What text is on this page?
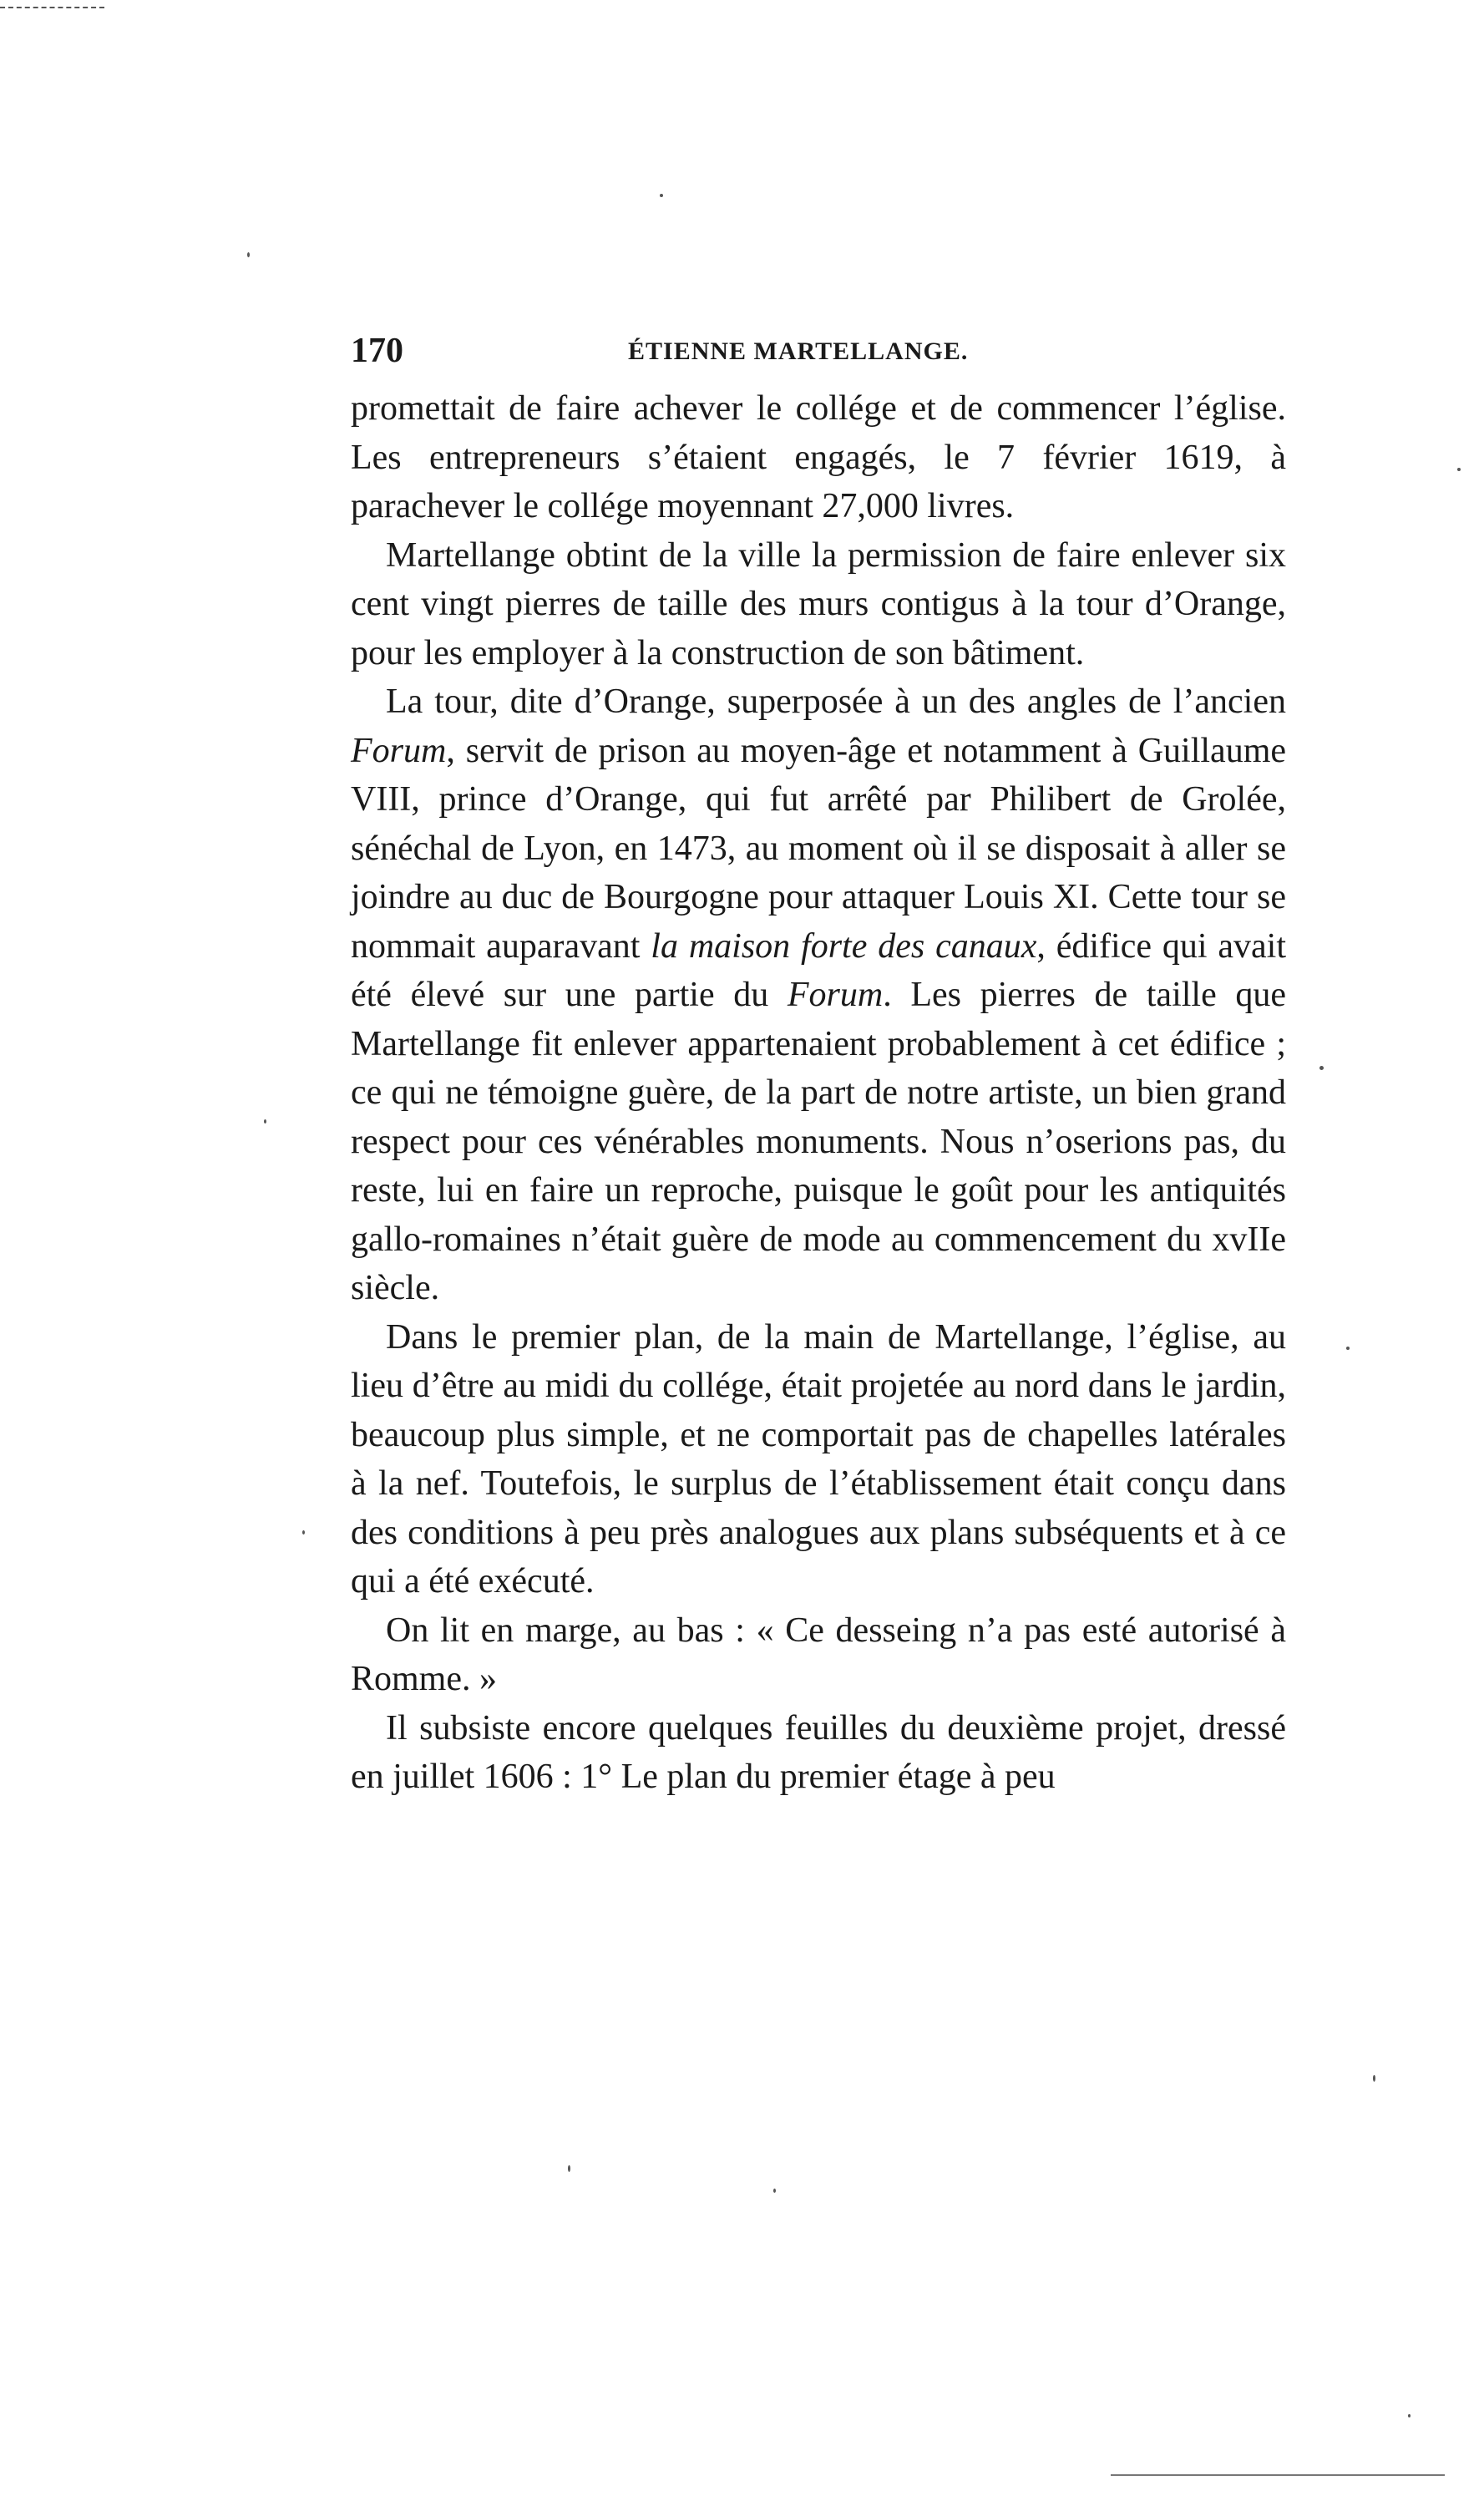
170	ÉTIENNE MARTELLANGE.

promettait de faire achever le collége et de commencer l’église. Les entrepreneurs s’étaient engagés, le 7 février 1619, à parachever le collége moyennant 27,000 livres.

Martellange obtint de la ville la permission de faire enlever six cent vingt pierres de taille des murs contigus à la tour d’Orange, pour les employer à la construction de son bâtiment.

La tour, dite d’Orange, superposée à un des angles de l’ancien Forum, servit de prison au moyen-âge et notamment à Guillaume VIII, prince d’Orange, qui fut arrêté par Philibert de Grolée, sénéchal de Lyon, en 1473, au moment où il se disposait à aller se joindre au duc de Bourgogne pour attaquer Louis XI. Cette tour se nommait auparavant la maison forte des canaux, édifice qui avait été élevé sur une partie du Forum. Les pierres de taille que Martellange fit enlever appartenaient probablement à cet édifice ; ce qui ne témoigne guère, de la part de notre artiste, un bien grand respect pour ces vénérables monuments. Nous n’oserions pas, du reste, lui en faire un reproche, puisque le goût pour les antiquités gallo-romaines n’était guère de mode au commencement du xvIIe siècle.

Dans le premier plan, de la main de Martellange, l’église, au lieu d’être au midi du collége, était projetée au nord dans le jardin, beaucoup plus simple, et ne comportait pas de chapelles latérales à la nef. Toutefois, le surplus de l’établissement était conçu dans des conditions à peu près analogues aux plans subséquents et à ce qui a été exécuté.

On lit en marge, au bas : « Ce desseing n’a pas esté autorisé à Romme. »

Il subsiste encore quelques feuilles du deuxième projet, dressé en juillet 1606 : 1° Le plan du premier étage à peu
